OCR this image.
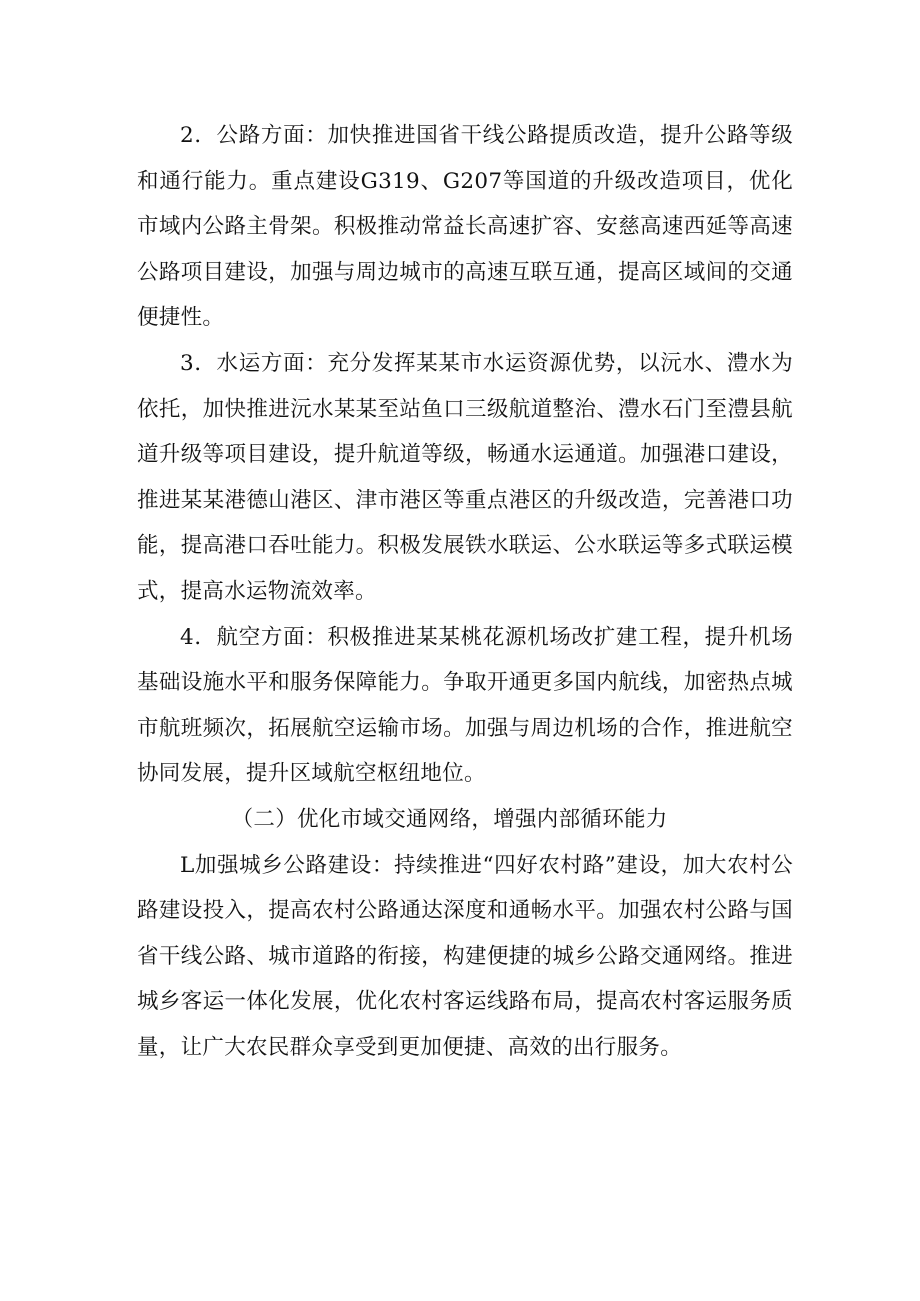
2．公路方面：加快推进国省干线公路提质改造，提升公路等级和通行能力。重点建设G319、G207等国道的升级改造项目，优化市域内公路主骨架。积极推动常益长高速扩容、安慈高速西延等高速公路项目建设，加强与周边城市的高速互联互通，提高区域间的交通便捷性。

3．水运方面：充分发挥某某市水运资源优势，以沅水、澧水为依托，加快推进沅水某某至站鱼口三级航道整治、澧水石门至澧县航道升级等项目建设，提升航道等级，畅通水运通道。加强港口建设，推进某某港德山港区、津市港区等重点港区的升级改造，完善港口功能，提高港口吞吐能力。积极发展铁水联运、公水联运等多式联运模式，提高水运物流效率。

4．航空方面：积极推进某某桃花源机场改扩建工程，提升机场基础设施水平和服务保障能力。争取开通更多国内航线，加密热点城市航班频次，拓展航空运输市场。加强与周边机场的合作，推进航空协同发展，提升区域航空枢纽地位。

（二）优化市域交通网络，增强内部循环能力

L加强城乡公路建设：持续推进“四好农村路”建设，加大农村公路建设投入，提高农村公路通达深度和通畅水平。加强农村公路与国省干线公路、城市道路的衔接，构建便捷的城乡公路交通网络。推进城乡客运一体化发展，优化农村客运线路布局，提高农村客运服务质量，让广大农民群众享受到更加便捷、高效的出行服务。
